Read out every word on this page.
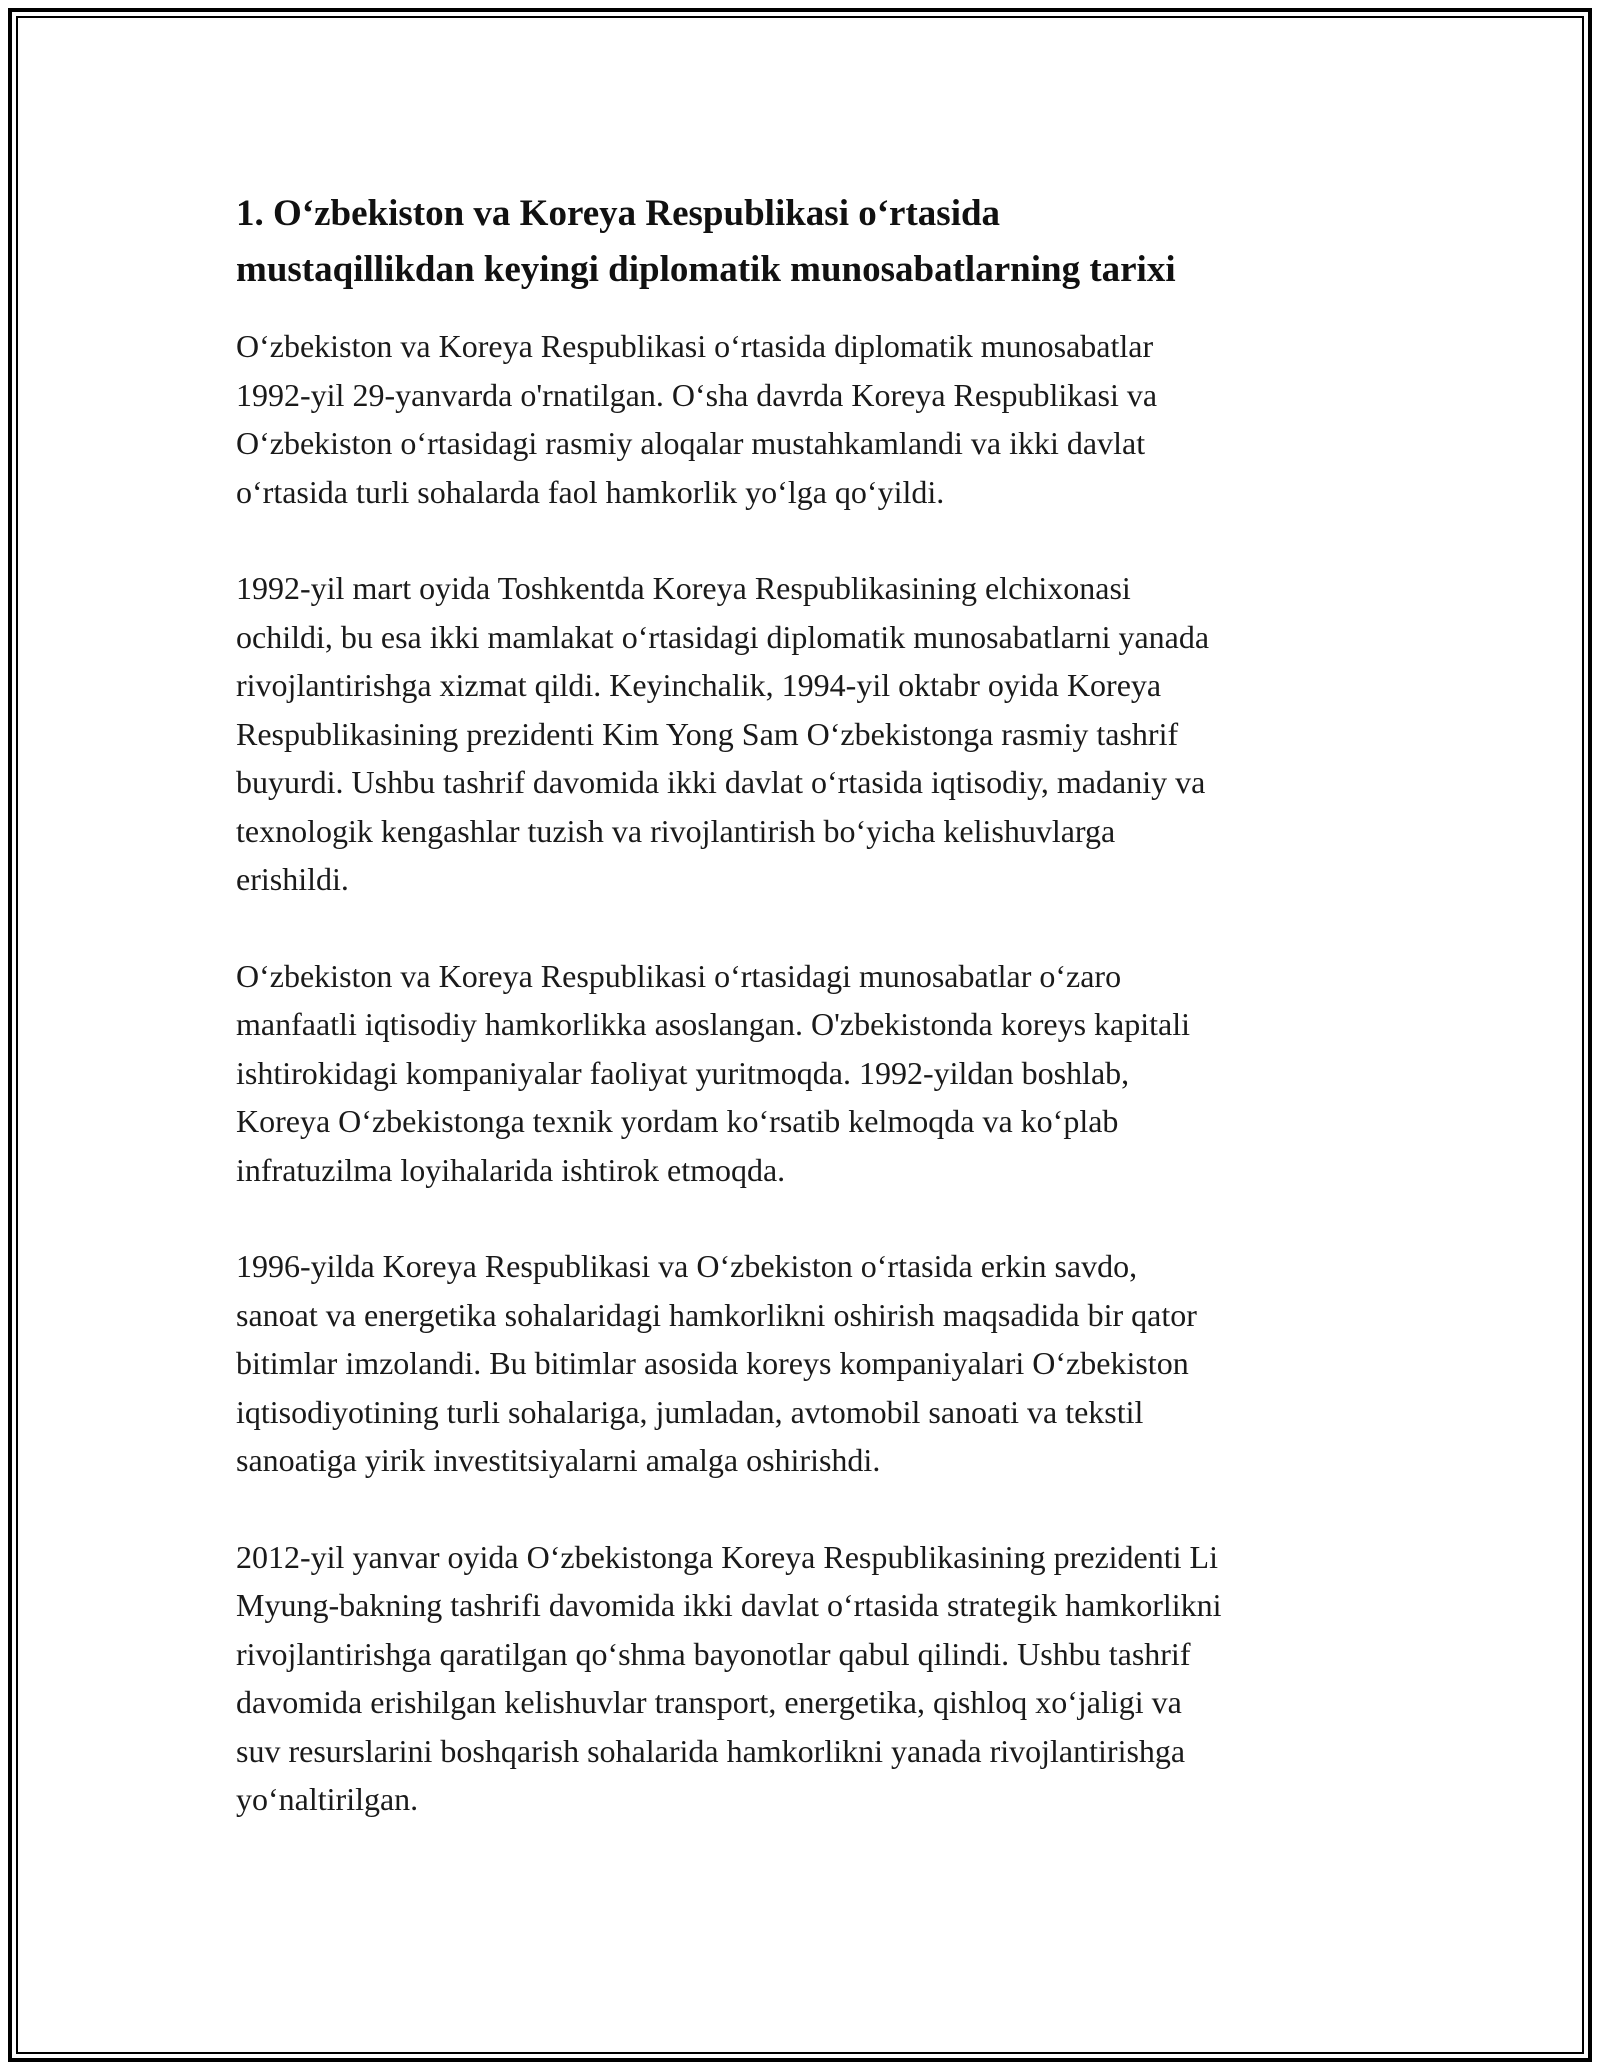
1. O‘zbekiston va Koreya Respublikasi o‘rtasida
mustaqillikdan keyingi diplomatik munosabatlarning tarixi

O‘zbekiston va Koreya Respublikasi o‘rtasida diplomatik munosabatlar
1992-yil 29-yanvarda o'rnatilgan. O‘sha davrda Koreya Respublikasi va
O‘zbekiston o‘rtasidagi rasmiy aloqalar mustahkamlandi va ikki davlat
o‘rtasida turli sohalarda faol hamkorlik yo‘lga qo‘yildi.

1992-yil mart oyida Toshkentda Koreya Respublikasining elchixonasi
ochildi, bu esa ikki mamlakat o‘rtasidagi diplomatik munosabatlarni yanada
rivojlantirishga xizmat qildi. Keyinchalik, 1994-yil oktabr oyida Koreya
Respublikasining prezidenti Kim Yong Sam O‘zbekistonga rasmiy tashrif
buyurdi. Ushbu tashrif davomida ikki davlat o‘rtasida iqtisodiy, madaniy va
texnologik kengashlar tuzish va rivojlantirish bo‘yicha kelishuvlarga
erishildi.

O‘zbekiston va Koreya Respublikasi o‘rtasidagi munosabatlar o‘zaro
manfaatli iqtisodiy hamkorlikka asoslangan. O'zbekistonda koreys kapitali
ishtirokidagi kompaniyalar faoliyat yuritmoqda. 1992-yildan boshlab,
Koreya O‘zbekistonga texnik yordam ko‘rsatib kelmoqda va ko‘plab
infratuzilma loyihalarida ishtirok etmoqda.

1996-yilda Koreya Respublikasi va O‘zbekiston o‘rtasida erkin savdo,
sanoat va energetika sohalaridagi hamkorlikni oshirish maqsadida bir qator
bitimlar imzolandi. Bu bitimlar asosida koreys kompaniyalari O‘zbekiston
iqtisodiyotining turli sohalariga, jumladan, avtomobil sanoati va tekstil
sanoatiga yirik investitsiyalarni amalga oshirishdi.

2012-yil yanvar oyida O‘zbekistonga Koreya Respublikasining prezidenti Li
Myung-bakning tashrifi davomida ikki davlat o‘rtasida strategik hamkorlikni
rivojlantirishga qaratilgan qo‘shma bayonotlar qabul qilindi. Ushbu tashrif
davomida erishilgan kelishuvlar transport, energetika, qishloq xo‘jaligi va
suv resurslarini boshqarish sohalarida hamkorlikni yanada rivojlantirishga
yo‘naltirilgan.
